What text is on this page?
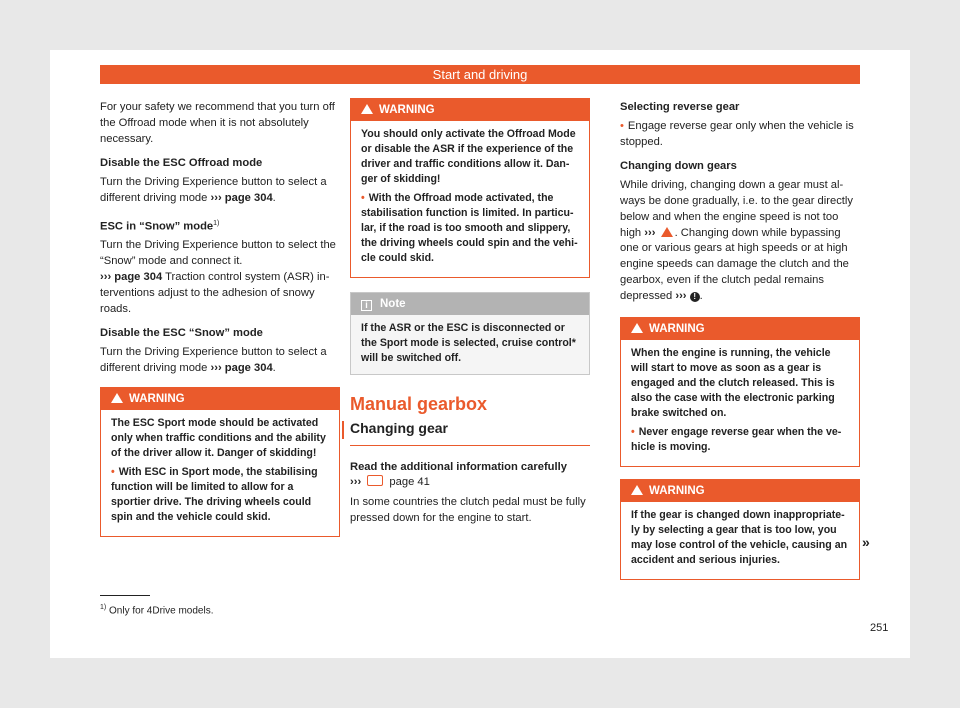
Start and driving

For your safety we recommend that you turn off the Offroad mode when it is not absolutely necessary.

Disable the ESC Offroad mode

Turn the Driving Experience button to select a different driving mode ››› page 304.

ESC in “Snow” mode$^{1)}$

Turn the Driving Experience button to select the “Snow” mode and connect it.
››› page 304 Traction control system (ASR) interventions adjust to the adhesion of snowy roads.

Disable the ESC “Snow” mode

Turn the Driving Experience button to select a different driving mode ››› page 304.

WARNING

The ESC Sport mode should be activated only when traffic conditions and the ability of the driver allow it. Danger of skidding!

• With ESC in Sport mode, the stabilising function will be limited to allow for a sportier drive. The driving wheels could spin and the vehicle could skid.

WARNING

You should only activate the Offroad Mode or disable the ASR if the experience of the driver and traffic conditions allow it. Danger of skidding!

• With the Offroad mode activated, the stabilisation function is limited. In particular, if the road is too smooth and slippery, the driving wheels could spin and the vehicle could skid.

i Note
If the ASR or the ESC is disconnected or the Sport mode is selected, cruise control* will be switched off.
Manual gearbox
Changing gear
Read the additional information carefully
›››	page 41

In some countries the clutch pedal must be fully pressed down for the engine to start.

Selecting reverse gear

• Engage reverse gear only when the vehicle is stopped.

Changing down gears

While driving, changing down a gear must always be done gradually, i.e. to the gear directly below and when the engine speed is not too high ››› . Changing down while bypassing one or various gears at high speeds or at high engine speeds can damage the clutch and the gearbox, even if the clutch pedal remains depressed ››› ! .

WARNING

When the engine is running, the vehicle will start to move as soon as a gear is engaged and the clutch released. This is also the case with the electronic parking brake switched on.

• Never engage reverse gear when the vehicle is moving.

WARNING

If the gear is changed down inappropriately by selecting a gear that is too low, you may lose control of the vehicle, causing an accident and serious injuries.

»
$^{1)}$ Only for 4Drive models.
251
